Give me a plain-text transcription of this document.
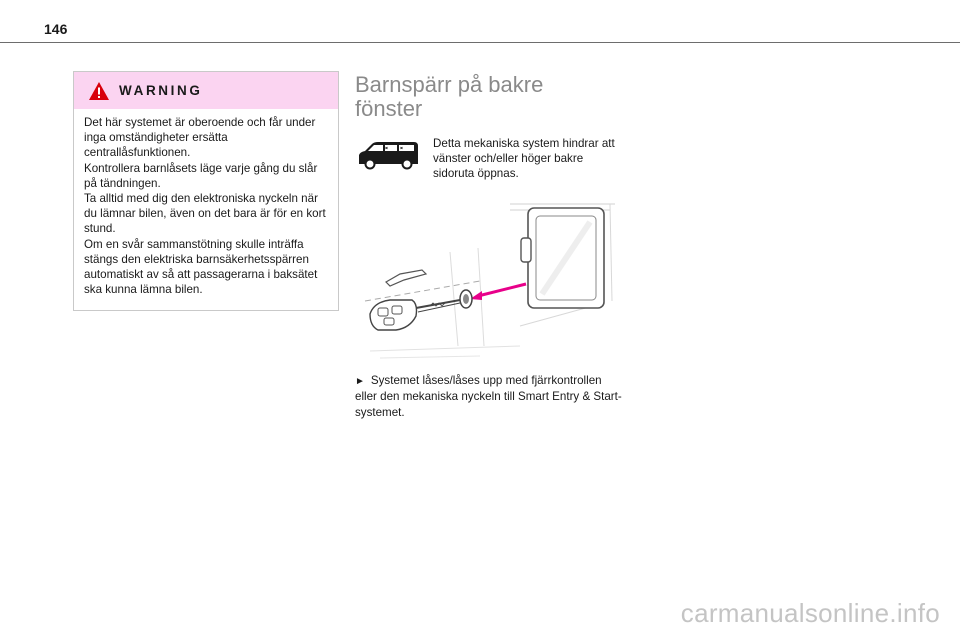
146
WARNING

Det här systemet är oberoende och får under inga omständigheter ersätta centrallåsfunktionen.

Kontrollera barnlåsets läge varje gång du slår på tändningen.

Ta alltid med dig den elektroniska nyckeln när du lämnar bilen, även on det bara är för en kort stund.

Om en svår sammanstötning skulle inträffa stängs den elektriska barnsäkerhetsspärren automatiskt av så att passagerarna i baksätet ska kunna lämna bilen.

Barnspärr på bakre fönster

Detta mekaniska system hindrar att vänster och/eller höger bakre sidoruta öppnas.

► Systemet låses/låses upp med fjärrkontrollen eller den mekaniska nyckeln till Smart Entry & Start-systemet.

carmanualsonline.info
